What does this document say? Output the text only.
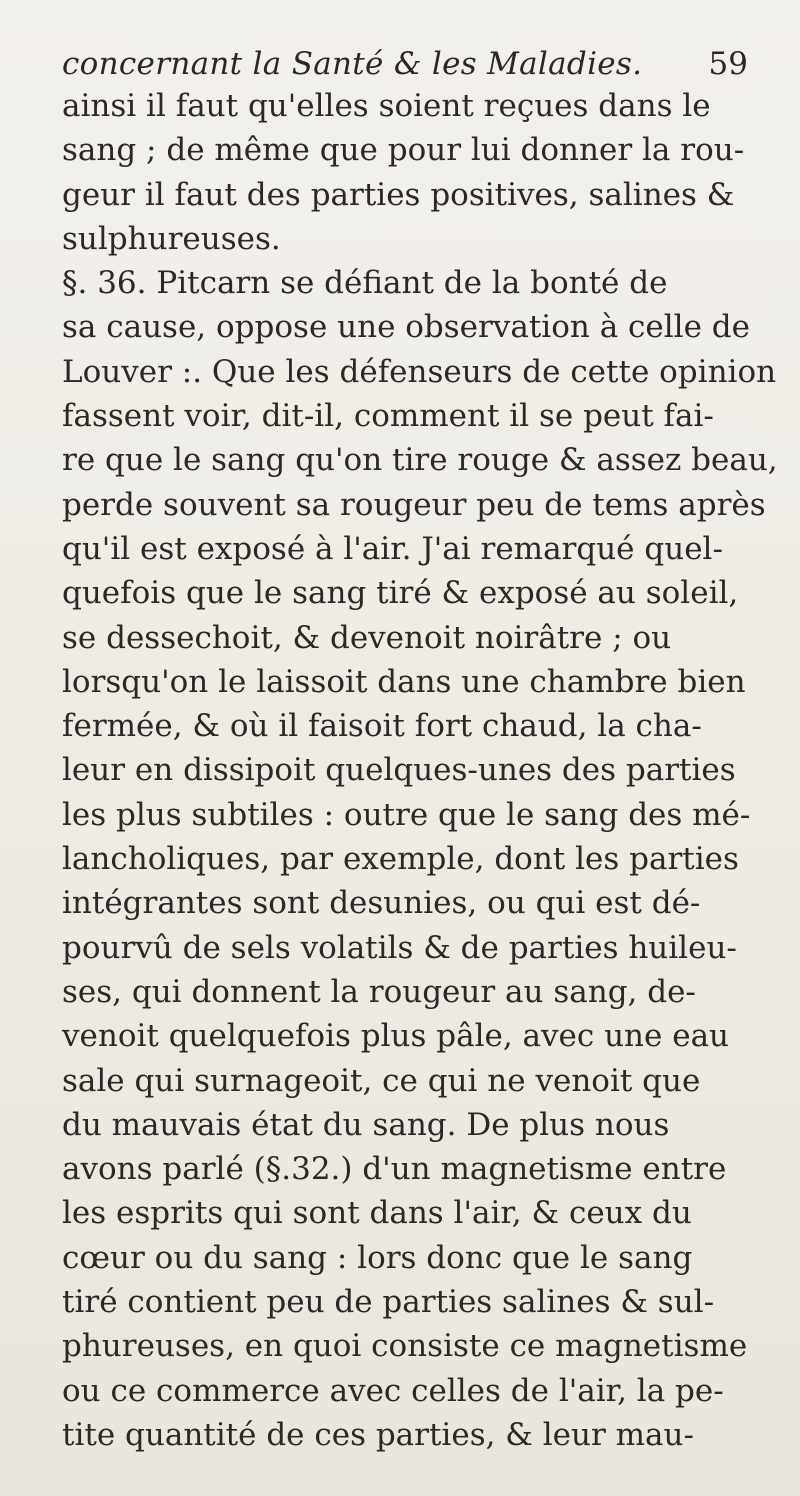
concernant la Santé & les Maladies. 59
ainsi il faut qu'elles soient reçues dans le
sang ; de même que pour lui donner la rou-
geur il faut des parties positives, salines &
sulphureuses.
§. 36. Pitcarn se défiant de la bonté de
sa cause, oppose une observation à celle de
Louver :. Que les défenseurs de cette opinion
fassent voir, dit-il, comment il se peut fai-
re que le sang qu'on tire rouge & assez beau,
perde souvent sa rougeur peu de tems après
qu'il est exposé à l'air. J'ai remarqué quel-
quefois que le sang tiré & exposé au soleil,
se dessechoit, & devenoit noirâtre ; ou
lorsqu'on le laissoit dans une chambre bien
fermée, & où il faisoit fort chaud, la cha-
leur en dissipoit quelques-unes des parties
les plus subtiles : outre que le sang des mé-
lancholiques, par exemple, dont les parties
intégrantes sont desunies, ou qui est dé-
pourvû de sels volatils & de parties huileu-
ses, qui donnent la rougeur au sang, de-
venoit quelquefois plus pâle, avec une eau
sale qui surnageoit, ce qui ne venoit que
du mauvais état du sang. De plus nous
avons parlé (§.32.) d'un magnetisme entre
les esprits qui sont dans l'air, & ceux du
cœur ou du sang : lors donc que le sang
tiré contient peu de parties salines & sul-
phureuses, en quoi consiste ce magnetisme
ou ce commerce avec celles de l'air, la pe-
tite quantité de ces parties, & leur mau-
